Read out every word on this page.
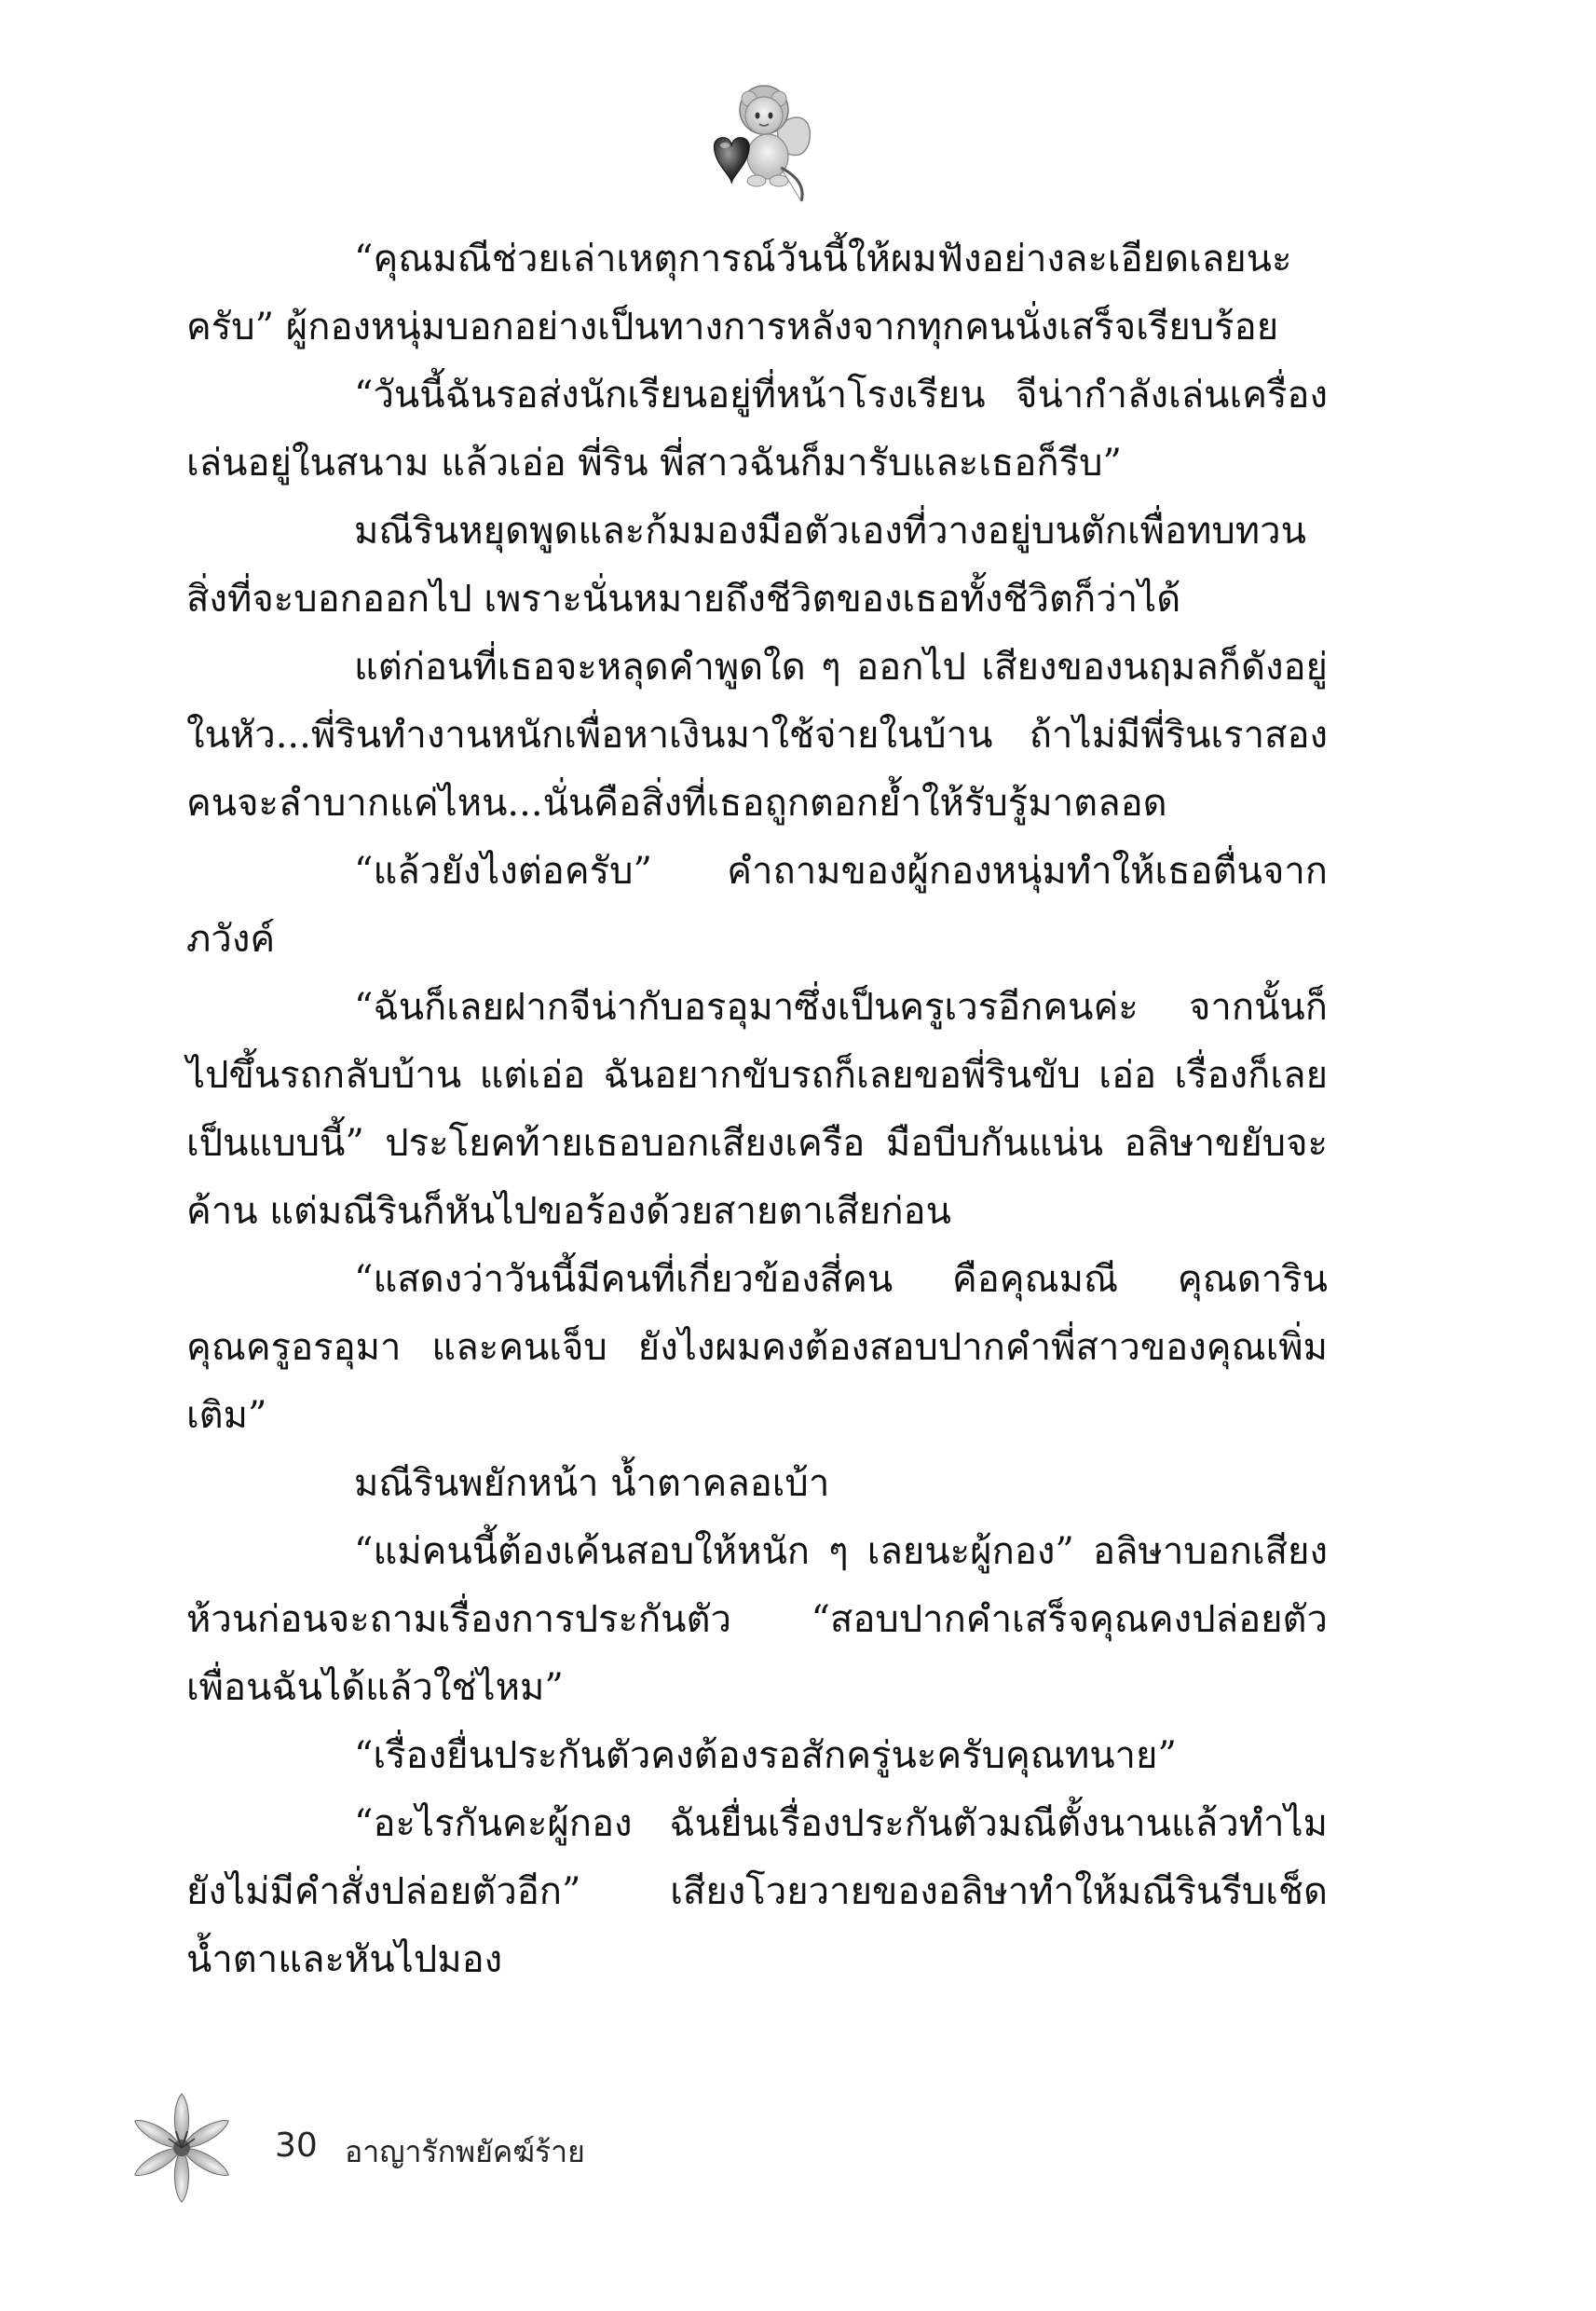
“คุณมณีช่วยเล่าเหตุการณ์วันนี้ให้ผมฟังอย่างละเอียดเลยนะครับ” ผู้กองหนุ่มบอกอย่างเป็นทางการหลังจากทุกคนนั่งเสร็จเรียบร้อย

“วันนี้ฉันรอส่งนักเรียนอยู่ที่หน้าโรงเรียน จีน่ากำลังเล่นเครื่องเล่นอยู่ในสนาม แล้วเอ่อ พี่ริน พี่สาวฉันก็มารับและเธอก็รีบ”

มณีรินหยุดพูดและก้มมองมือตัวเองที่วางอยู่บนตักเพื่อทบทวนสิ่งที่จะบอกออกไป เพราะนั่นหมายถึงชีวิตของเธอทั้งชีวิตก็ว่าได้

แต่ก่อนที่เธอจะหลุดคำพูดใด ๆ ออกไป เสียงของนฤมลก็ดังอยู่ในหัว...พี่รินทำงานหนักเพื่อหาเงินมาใช้จ่ายในบ้าน ถ้าไม่มีพี่รินเราสองคนจะลำบากแค่ไหน...นั่นคือสิ่งที่เธอถูกตอกย้ำให้รับรู้มาตลอด

“แล้วยังไงต่อครับ” คำถามของผู้กองหนุ่มทำให้เธอตื่นจากภวังค์

“ฉันก็เลยฝากจีน่ากับอรอุมาซึ่งเป็นครูเวรอีกคนค่ะ จากนั้นก็ไปขึ้นรถกลับบ้าน แต่เอ่อ ฉันอยากขับรถก็เลยขอพี่รินขับ เอ่อ เรื่องก็เลยเป็นแบบนี้” ประโยคท้ายเธอบอกเสียงเครือ มือบีบกันแน่น อลิษาขยับจะค้าน แต่มณีรินก็หันไปขอร้องด้วยสายตาเสียก่อน

“แสดงว่าวันนี้มีคนที่เกี่ยวข้องสี่คน คือคุณมณี คุณดารินคุณครูอรอุมา และคนเจ็บ ยังไงผมคงต้องสอบปากคำพี่สาวของคุณเพิ่มเติม”

มณีรินพยักหน้า น้ำตาคลอเบ้า

“แม่คนนี้ต้องเค้นสอบให้หนัก ๆ เลยนะผู้กอง” อลิษาบอกเสียงห้วนก่อนจะถามเรื่องการประกันตัว “สอบปากคำเสร็จคุณคงปล่อยตัวเพื่อนฉันได้แล้วใช่ไหม”

“เรื่องยื่นประกันตัวคงต้องรอสักครู่นะครับคุณทนาย”

“อะไรกันคะผู้กอง ฉันยื่นเรื่องประกันตัวมณีตั้งนานแล้วทำไมยังไม่มีคำสั่งปล่อยตัวอีก” เสียงโวยวายของอลิษาทำให้มณีรินรีบเช็ดน้ำตาและหันไปมอง

30 อาญารักพยัคฆ์ร้าย
